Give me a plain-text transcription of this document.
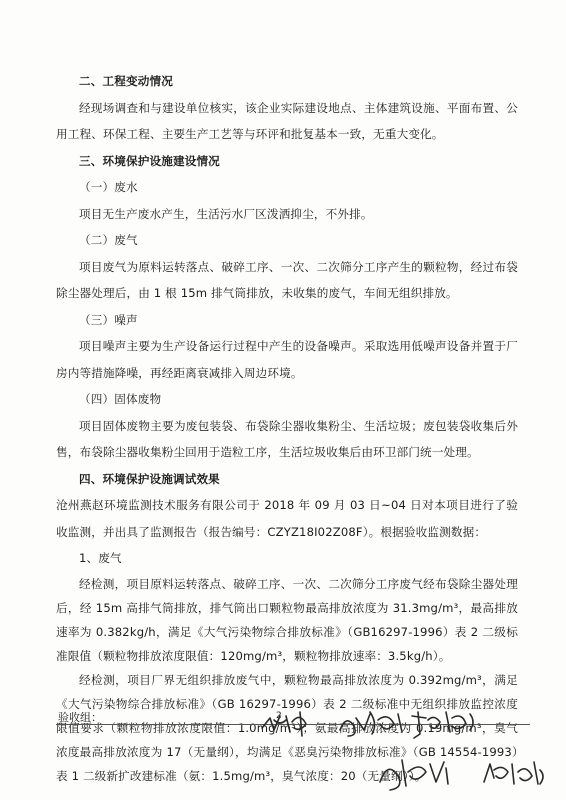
二、工程变动情况

经现场调查和与建设单位核实，该企业实际建设地点、主体建筑设施、平面布置、公用工程、环保工程、主要生产工艺等与环评和批复基本一致，无重大变化。

三、环境保护设施建设情况

（一）废水

项目无生产废水产生，生活污水厂区泼洒抑尘，不外排。

（二）废气

项目废气为原料运转落点、破碎工序、一次、二次筛分工序产生的颗粒物，经过布袋除尘器处理后，由 1 根 15m 排气筒排放，未收集的废气，车间无组织排放。

（三）噪声

项目噪声主要为生产设备运行过程中产生的设备噪声。采取选用低噪声设备并置于厂房内等措施降噪，再经距离衰减排入周边环境。

（四）固体废物

项目固体废物主要为废包装袋、布袋除尘器收集粉尘、生活垃圾；废包装袋收集后外售，布袋除尘器收集粉尘回用于造粒工序，生活垃圾收集后由环卫部门统一处理。

四、环境保护设施调试效果

沧州燕赵环境监测技术服务有限公司于 2018 年 09 月 03 日~04 日对本项目进行了验收监测，并出具了监测报告（报告编号：CZYZ18I02Z08F）。根据验收监测数据：

1、废气

经检测，项目原料运转落点、破碎工序、一次、二次筛分工序废气经布袋除尘器处理后，经 15m 高排气筒排放，排气筒出口颗粒物最高排放浓度为 31.3mg/m³，最高排放速率为 0.382kg/h，满足《大气污染物综合排放标准》（GB16297-1996）表 2 二级标准限值（颗粒物排放浓度限值：120mg/m³，颗粒物排放速率：3.5kg/h）。

经检测，项目厂界无组织排放废气中，颗粒物最高排放浓度为 0.392mg/m³，满足《大气污染物综合排放标准》（GB 16297-1996）表 2 二级标准中无组织排放监控浓度限值要求（颗粒物排放浓度限值：1.0mg/m³）；氨最高排放浓度为 0.19mg/m³，臭气浓度最高排放浓度为 17（无量纲），均满足《恶臭污染物排放标准》（GB 14554-1993）表 1 二级新扩改建标准（氨：1.5mg/m³，臭气浓度：20（无量纲））。

验收组：	2
